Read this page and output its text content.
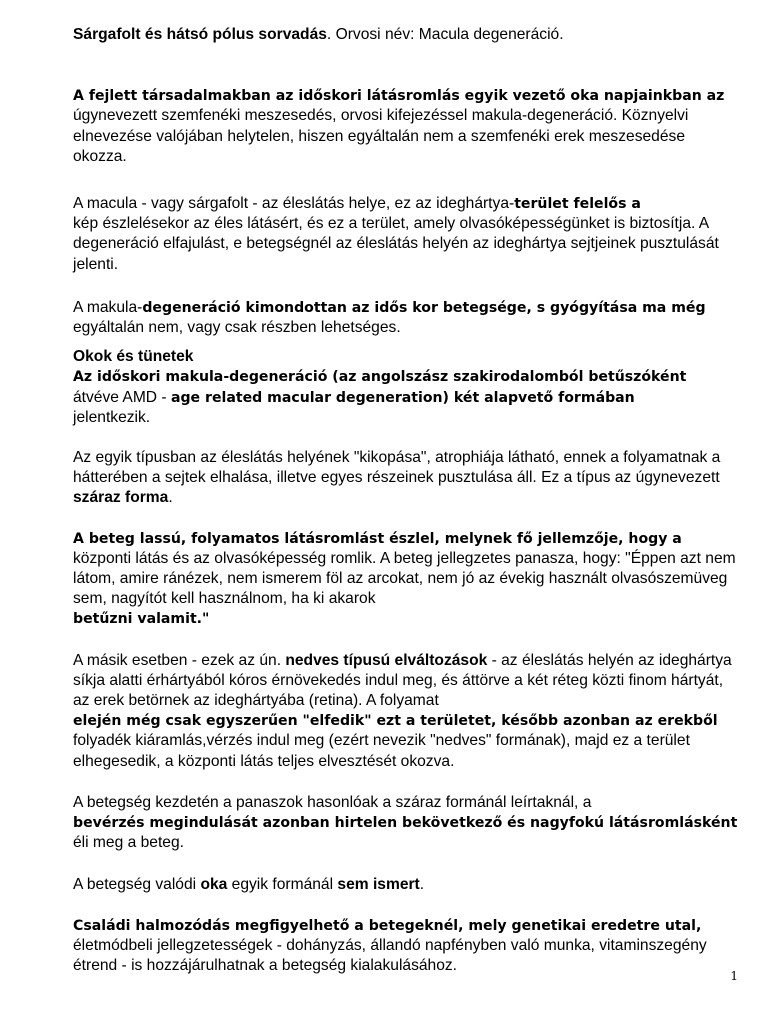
Sárgafolt és hátsó pólus sorvadás. Orvosi név: Macula degeneráció.

A fejlett társadalmakban az időskori látásromlás egyik vezető oka napjainkban az
úgynevezett szemfenéki meszesedés, orvosi kifejezéssel makula-degeneráció. Köznyelvi elnevezése valójában helytelen, hiszen egyáltalán nem a szemfenéki erek meszesedése okozza.

A macula - vagy sárgafolt - az éleslátás helye, ez az ideghártya-terület felelős a
kép észlelésekor az éles látásért, és ez a terület, amely olvasóképességünket is biztosítja. A degeneráció elfajulást, e betegségnél az éleslátás helyén az ideghártya sejtjeinek pusztulását jelenti.

A makula-degeneráció kimondottan az idős kor betegsége, s gyógyítása ma még
egyáltalán nem, vagy csak részben lehetséges.

Okok és tünetek

Az időskori makula-degeneráció (az angolszász szakirodalomból betűszóként
átvéve AMD - age related macular degeneration) két alapvető formában
jelentkezik.

Az egyik típusban az éleslátás helyének "kikopása", atrophiája látható, ennek a folyamatnak a hátterében a sejtek elhalása, illetve egyes részeinek pusztulása áll. Ez a típus az úgynevezett száraz forma.

A beteg lassú, folyamatos látásromlást észlel, melynek fő jellemzője, hogy a
központi látás és az olvasóképesség romlik. A beteg jellegzetes panasza, hogy: "Éppen azt nem látom, amire ránézek, nem ismerem föl az arcokat, nem jó az évekig használt olvasószemüveg sem, nagyítót kell használnom, ha ki akarok
betűzni valamit."

A másik esetben - ezek az ún. nedves típusú elváltozások - az éleslátás helyén az ideghártya síkja alatti érhártyából kóros érnövekedés indul meg, és áttörve a két réteg közti finom hártyát, az erek betörnek az ideghártyába (retina). A folyamat
elején még csak egyszerűen "elfedik" ezt a területet, később azonban az erekből
folyadék kiáramlás,vérzés indul meg (ezért nevezik "nedves" formának), majd ez a terület elhegesedik, a központi látás teljes elvesztését okozva.

A betegség kezdetén a panaszok hasonlóak a száraz formánál leírtaknál, a
bevérzés megindulását azonban hirtelen bekövetkező és nagyfokú látásromlásként
éli meg a beteg.

A betegség valódi oka egyik formánál sem ismert.

Családi halmozódás megfigyelhető a betegeknél, mely genetikai eredetre utal,
életmódbeli jellegzetességek - dohányzás, állandó napfényben való munka, vitaminszegény étrend - is hozzájárulhatnak a betegség kialakulásához.

1
